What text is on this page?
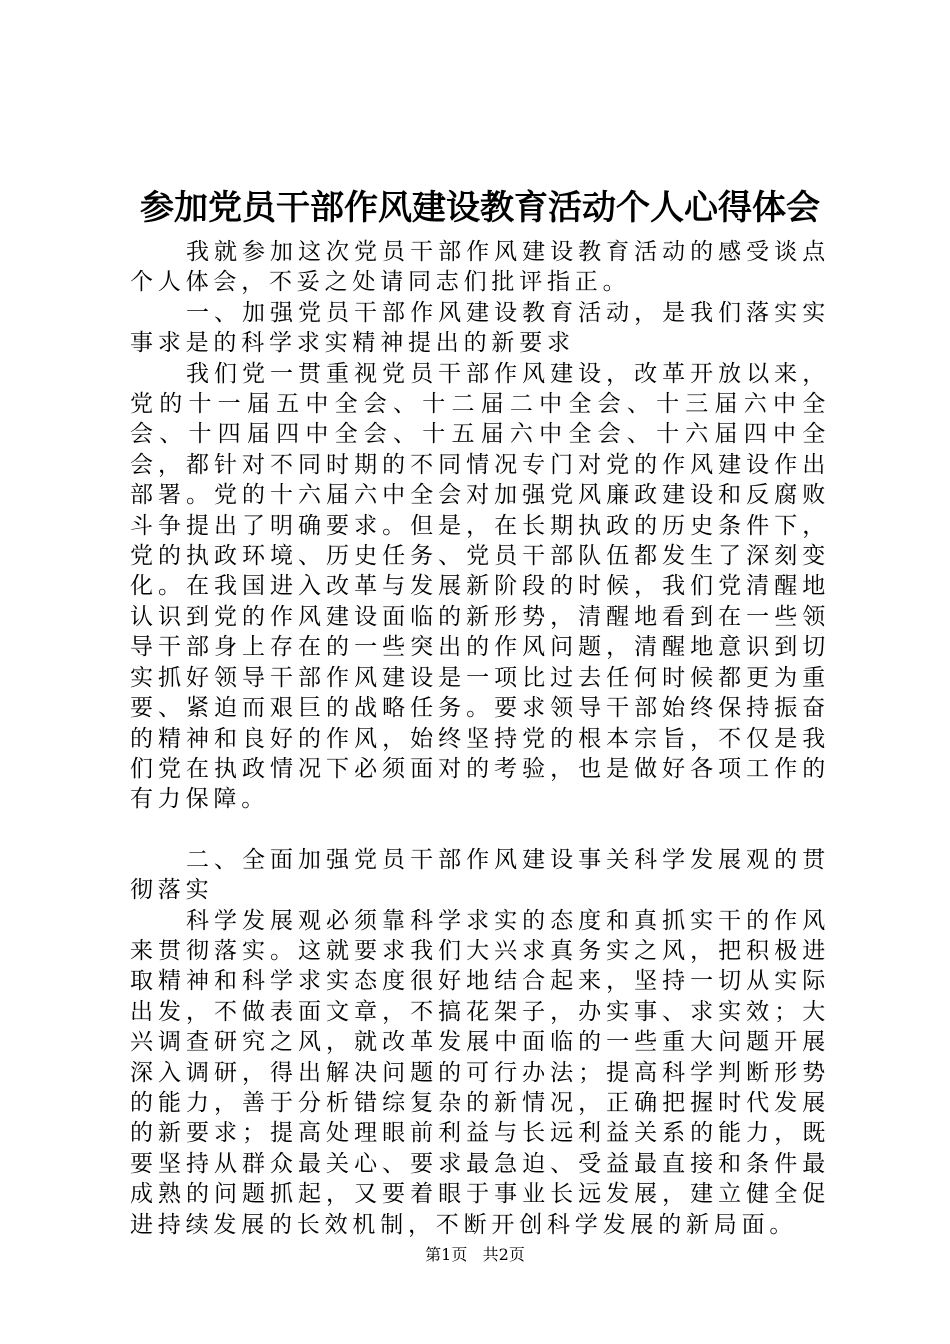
参加党员干部作风建设教育活动个人心得体会

我就参加这次党员干部作风建设教育活动的感受谈点个人体会，不妥之处请同志们批评指正。

一、加强党员干部作风建设教育活动，是我们落实实事求是的科学求实精神提出的新要求

我们党一贯重视党员干部作风建设，改革开放以来，党的十一届五中全会、十二届二中全会、十三届六中全会、十四届四中全会、十五届六中全会、十六届四中全会，都针对不同时期的不同情况专门对党的作风建设作出部署。党的十六届六中全会对加强党风廉政建设和反腐败斗争提出了明确要求。但是，在长期执政的历史条件下，党的执政环境、历史任务、党员干部队伍都发生了深刻变化。在我国进入改革与发展新阶段的时候，我们党清醒地认识到党的作风建设面临的新形势，清醒地看到在一些领导干部身上存在的一些突出的作风问题，清醒地意识到切实抓好领导干部作风建设是一项比过去任何时候都更为重要、紧迫而艰巨的战略任务。要求领导干部始终保持振奋的精神和良好的作风，始终坚持党的根本宗旨，不仅是我们党在执政情况下必须面对的考验，也是做好各项工作的有力保障。

二、全面加强党员干部作风建设事关科学发展观的贯彻落实

科学发展观必须靠科学求实的态度和真抓实干的作风来贯彻落实。这就要求我们大兴求真务实之风，把积极进取精神和科学求实态度很好地结合起来，坚持一切从实际出发，不做表面文章，不搞花架子，办实事、求实效；大兴调查研究之风，就改革发展中面临的一些重大问题开展深入调研，得出解决问题的可行办法；提高科学判断形势的能力，善于分析错综复杂的新情况，正确把握时代发展的新要求；提高处理眼前利益与长远利益关系的能力，既要坚持从群众最关心、要求最急迫、受益最直接和条件最成熟的问题抓起，又要着眼于事业长远发展，建立健全促进持续发展的长效机制，不断开创科学发展的新局面。

第1页 共2页
